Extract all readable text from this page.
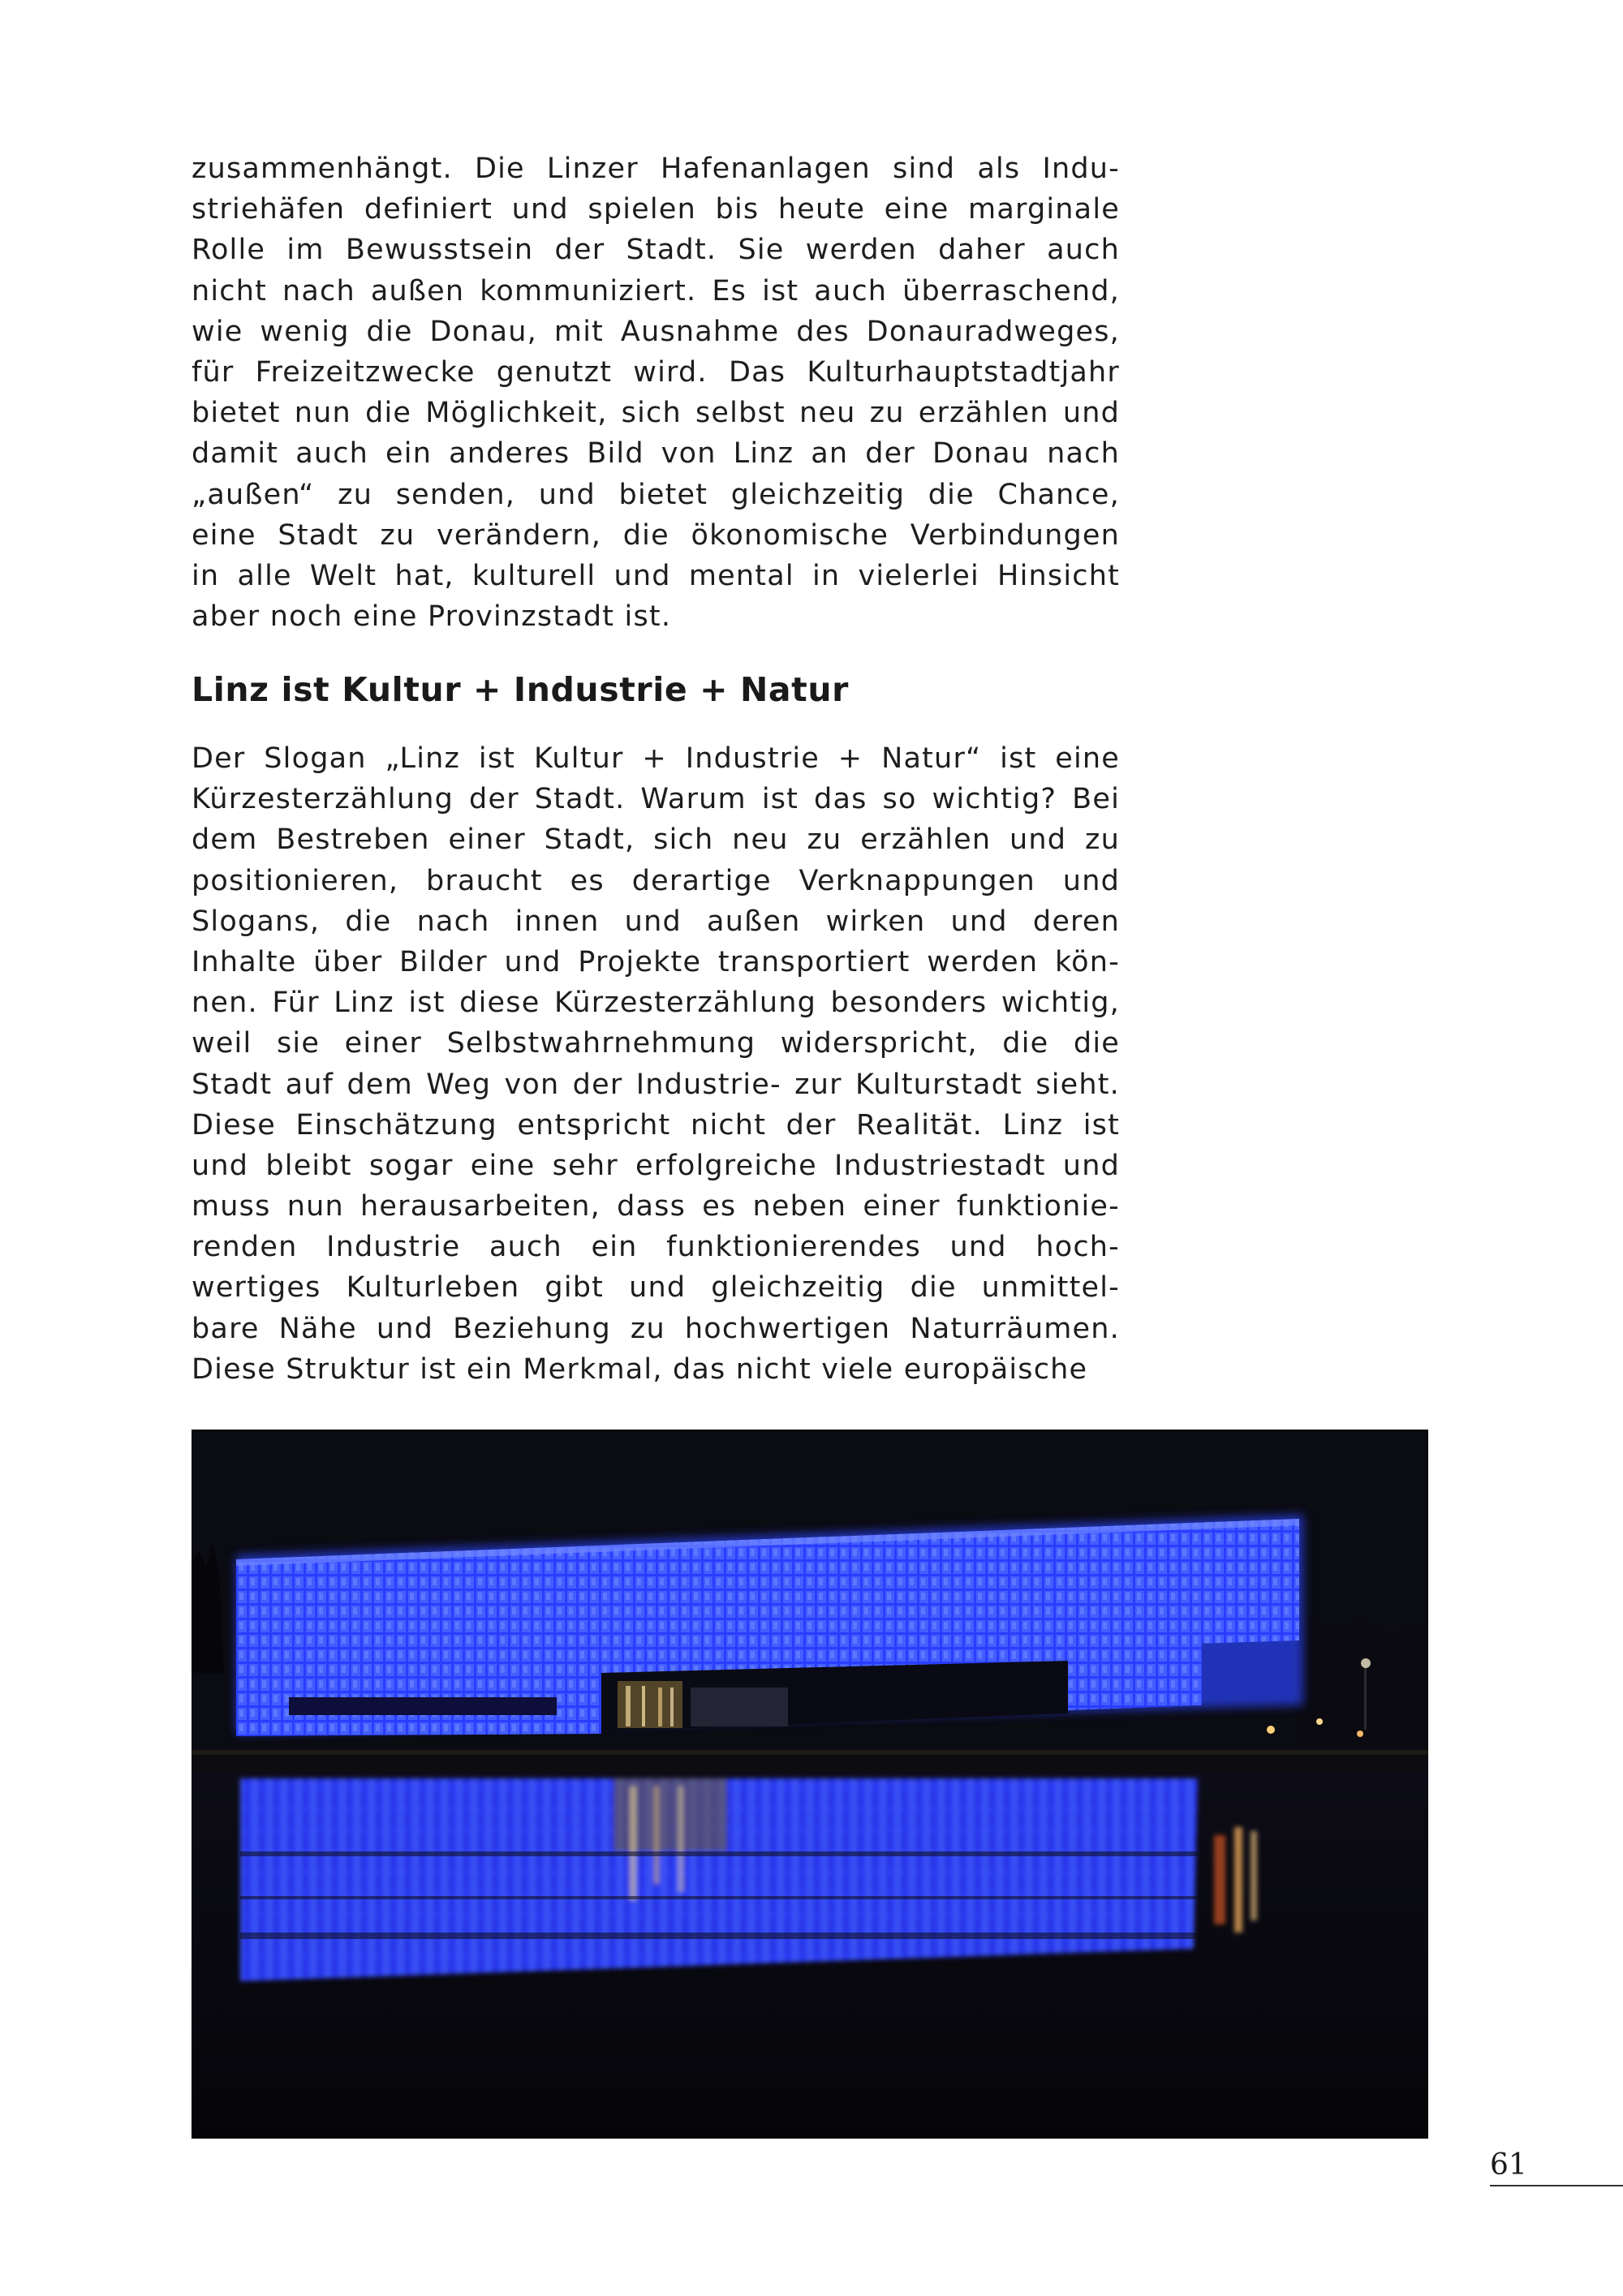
zusammenhängt. Die Linzer Hafenanlagen sind als Indu-
striehäfen definiert und spielen bis heute eine marginale
Rolle im Bewusstsein der Stadt. Sie werden daher auch
nicht nach außen kommuniziert. Es ist auch überraschend,
wie wenig die Donau, mit Ausnahme des Donauradweges,
für Freizeitzwecke genutzt wird. Das Kulturhauptstadtjahr
bietet nun die Möglichkeit, sich selbst neu zu erzählen und
damit auch ein anderes Bild von Linz an der Donau nach
„außen“ zu senden, und bietet gleichzeitig die Chance,
eine Stadt zu verändern, die ökonomische Verbindungen
in alle Welt hat, kulturell und mental in vielerlei Hinsicht
aber noch eine Provinzstadt ist.
Linz ist Kultur + Industrie + Natur
Der Slogan „Linz ist Kultur + Industrie + Natur“ ist eine
Kürzesterzählung der Stadt. Warum ist das so wichtig? Bei
dem Bestreben einer Stadt, sich neu zu erzählen und zu
positionieren, braucht es derartige Verknappungen und
Slogans, die nach innen und außen wirken und deren
Inhalte über Bilder und Projekte transportiert werden kön-
nen. Für Linz ist diese Kürzesterzählung besonders wichtig,
weil sie einer Selbstwahrnehmung widerspricht, die die
Stadt auf dem Weg von der Industrie- zur Kulturstadt sieht.
Diese Einschätzung entspricht nicht der Realität. Linz ist
und bleibt sogar eine sehr erfolgreiche Industriestadt und
muss nun herausarbeiten, dass es neben einer funktionie-
renden Industrie auch ein funktionierendes und hoch-
wertiges Kulturleben gibt und gleichzeitig die unmittel-
bare Nähe und Beziehung zu hochwertigen Naturräumen.
Diese Struktur ist ein Merkmal, das nicht viele europäische
61
